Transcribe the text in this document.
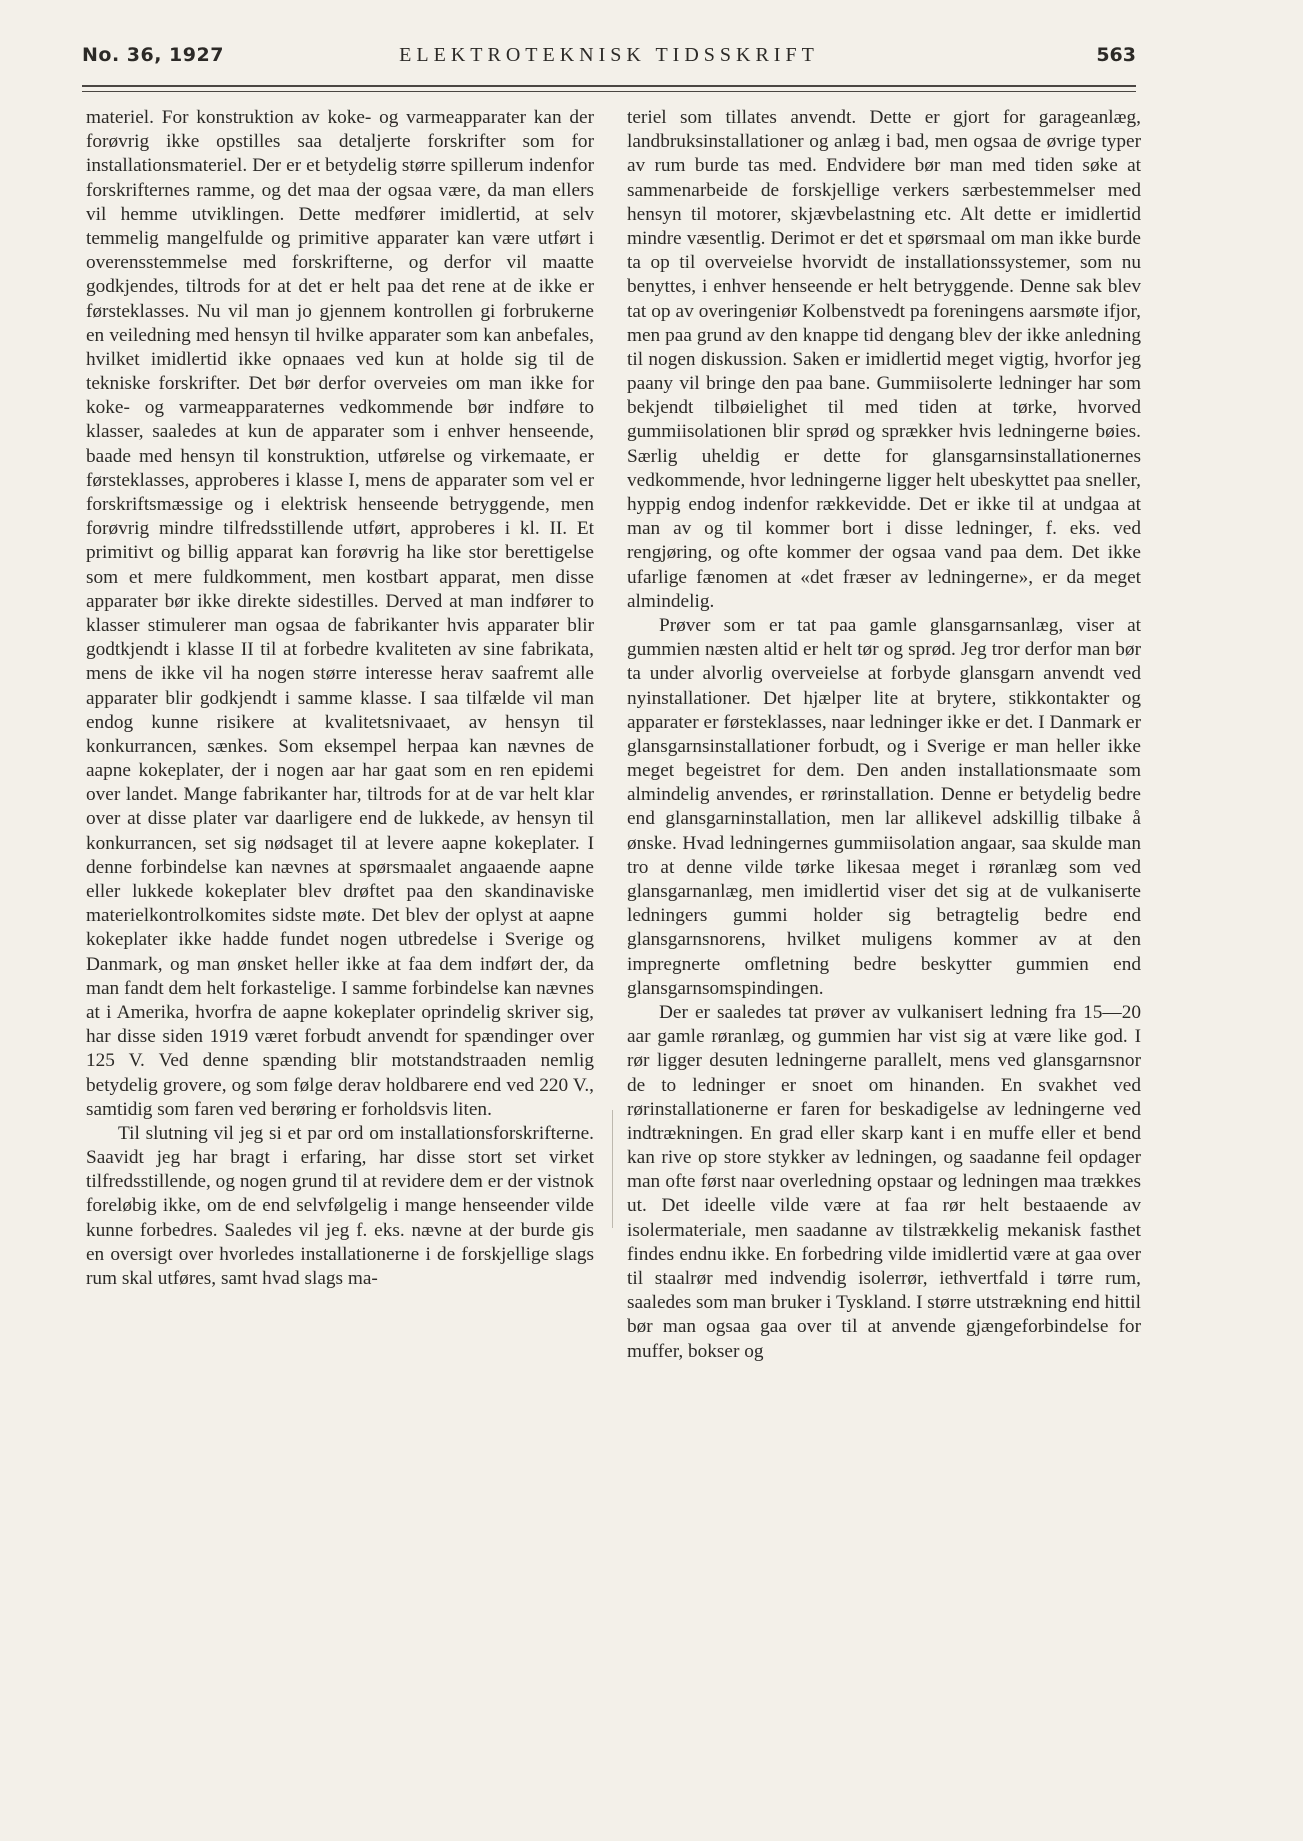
No. 36, 1927	ELEKTROTEKNISK TIDSSKRIFT	563

materiel. For konstruktion av koke- og varmeapparater kan der forøvrig ikke opstilles saa detaljerte forskrifter som for installationsmateriel. Der er et betydelig større spillerum indenfor forskrifternes ramme, og det maa der ogsaa være, da man ellers vil hemme utviklingen. Dette medfører imidlertid, at selv temmelig mangelfulde og primitive apparater kan være utført i overensstemmelse med forskrifterne, og derfor vil maatte godkjendes, tiltrods for at det er helt paa det rene at de ikke er førsteklasses. Nu vil man jo gjennem kontrollen gi forbrukerne en veiledning med hensyn til hvilke apparater som kan anbefales, hvilket imidlertid ikke opnaaes ved kun at holde sig til de tekniske forskrifter. Det bør derfor overveies om man ikke for koke- og varmeapparaternes vedkommende bør indføre to klasser, saaledes at kun de apparater som i enhver henseende, baade med hensyn til konstruktion, utførelse og virkemaate, er førsteklasses, approberes i klasse I, mens de apparater som vel er forskriftsmæssige og i elektrisk henseende betryggende, men forøvrig mindre tilfredsstillende utført, approberes i kl. II. Et primitivt og billig apparat kan forøvrig ha like stor berettigelse som et mere fuldkomment, men kostbart apparat, men disse apparater bør ikke direkte sidestilles. Derved at man indfører to klasser stimulerer man ogsaa de fabrikanter hvis apparater blir godtkjendt i klasse II til at forbedre kvaliteten av sine fabrikata, mens de ikke vil ha nogen større interesse herav saafremt alle apparater blir godkjendt i samme klasse. I saa tilfælde vil man endog kunne risikere at kvalitetsnivaaet, av hensyn til konkurrancen, sænkes. Som eksempel herpaa kan nævnes de aapne kokeplater, der i nogen aar har gaat som en ren epidemi over landet. Mange fabrikanter har, tiltrods for at de var helt klar over at disse plater var daarligere end de lukkede, av hensyn til konkurrancen, set sig nødsaget til at levere aapne kokeplater. I denne forbindelse kan nævnes at spørsmaalet angaaende aapne eller lukkede kokeplater blev drøftet paa den skandinaviske materielkontrolkomites sidste møte. Det blev der oplyst at aapne kokeplater ikke hadde fundet nogen utbredelse i Sverige og Danmark, og man ønsket heller ikke at faa dem indført der, da man fandt dem helt forkastelige. I samme forbindelse kan nævnes at i Amerika, hvorfra de aapne kokeplater oprindelig skriver sig, har disse siden 1919 været forbudt anvendt for spændinger over 125 V. Ved denne spænding blir motstandstraaden nemlig betydelig grovere, og som følge derav holdbarere end ved 220 V., samtidig som faren ved berøring er forholdsvis liten.

Til slutning vil jeg si et par ord om installationsforskrifterne. Saavidt jeg har bragt i erfaring, har disse stort set virket tilfredsstillende, og nogen grund til at revidere dem er der vistnok foreløbig ikke, om de end selvfølgelig i mange henseender vilde kunne forbedres. Saaledes vil jeg f. eks. nævne at der burde gis en oversigt over hvorledes installationerne i de forskjellige slags rum skal utføres, samt hvad slags ma-

teriel som tillates anvendt. Dette er gjort for garageanlæg, landbruksinstallationer og anlæg i bad, men ogsaa de øvrige typer av rum burde tas med. Endvidere bør man med tiden søke at sammenarbeide de forskjellige verkers særbestemmelser med hensyn til motorer, skjævbelastning etc. Alt dette er imidlertid mindre væsentlig. Derimot er det et spørsmaal om man ikke burde ta op til overveielse hvorvidt de installationssystemer, som nu benyttes, i enhver henseende er helt betryggende. Denne sak blev tat op av overingeniør Kolbenstvedt pa foreningens aarsmøte ifjor, men paa grund av den knappe tid dengang blev der ikke anledning til nogen diskussion. Saken er imidlertid meget vigtig, hvorfor jeg paany vil bringe den paa bane. Gummiisolerte ledninger har som bekjendt tilbøielighet til med tiden at tørke, hvorved gummiisolationen blir sprød og sprækker hvis ledningerne bøies. Særlig uheldig er dette for glansgarnsinstallationernes vedkommende, hvor ledningerne ligger helt ubeskyttet paa sneller, hyppig endog indenfor rækkevidde. Det er ikke til at undgaa at man av og til kommer bort i disse ledninger, f. eks. ved rengjøring, og ofte kommer der ogsaa vand paa dem. Det ikke ufarlige fænomen at «det fræser av ledningerne», er da meget almindelig.

Prøver som er tat paa gamle glansgarnsanlæg, viser at gummien næsten altid er helt tør og sprød. Jeg tror derfor man bør ta under alvorlig overveielse at forbyde glansgarn anvendt ved nyinstallationer. Det hjælper lite at brytere, stikkontakter og apparater er førsteklasses, naar ledninger ikke er det. I Danmark er glansgarnsinstallationer forbudt, og i Sverige er man heller ikke meget begeistret for dem. Den anden installationsmaate som almindelig anvendes, er rørinstallation. Denne er betydelig bedre end glansgarninstallation, men lar allikevel adskillig tilbake å ønske. Hvad ledningernes gummiisolation angaar, saa skulde man tro at denne vilde tørke likesaa meget i røranlæg som ved glansgarnanlæg, men imidlertid viser det sig at de vulkaniserte ledningers gummi holder sig betragtelig bedre end glansgarnsnorens, hvilket muligens kommer av at den impregnerte omfletning bedre beskytter gummien end glansgarnsomspindingen.

Der er saaledes tat prøver av vulkanisert ledning fra 15—20 aar gamle røranlæg, og gummien har vist sig at være like god. I rør ligger desuten ledningerne parallelt, mens ved glansgarnsnor de to ledninger er snoet om hinanden. En svakhet ved rørinstallationerne er faren for beskadigelse av ledningerne ved indtrækningen. En grad eller skarp kant i en muffe eller et bend kan rive op store stykker av ledningen, og saadanne feil opdager man ofte først naar overledning opstaar og ledningen maa trækkes ut. Det ideelle vilde være at faa rør helt bestaaende av isolermateriale, men saadanne av tilstrækkelig mekanisk fasthet findes endnu ikke. En forbedring vilde imidlertid være at gaa over til staalrør med indvendig isolerrør, iethvertfald i tørre rum, saaledes som man bruker i Tyskland. I større utstrækning end hittil bør man ogsaa gaa over til at anvende gjængeforbindelse for muffer, bokser og
